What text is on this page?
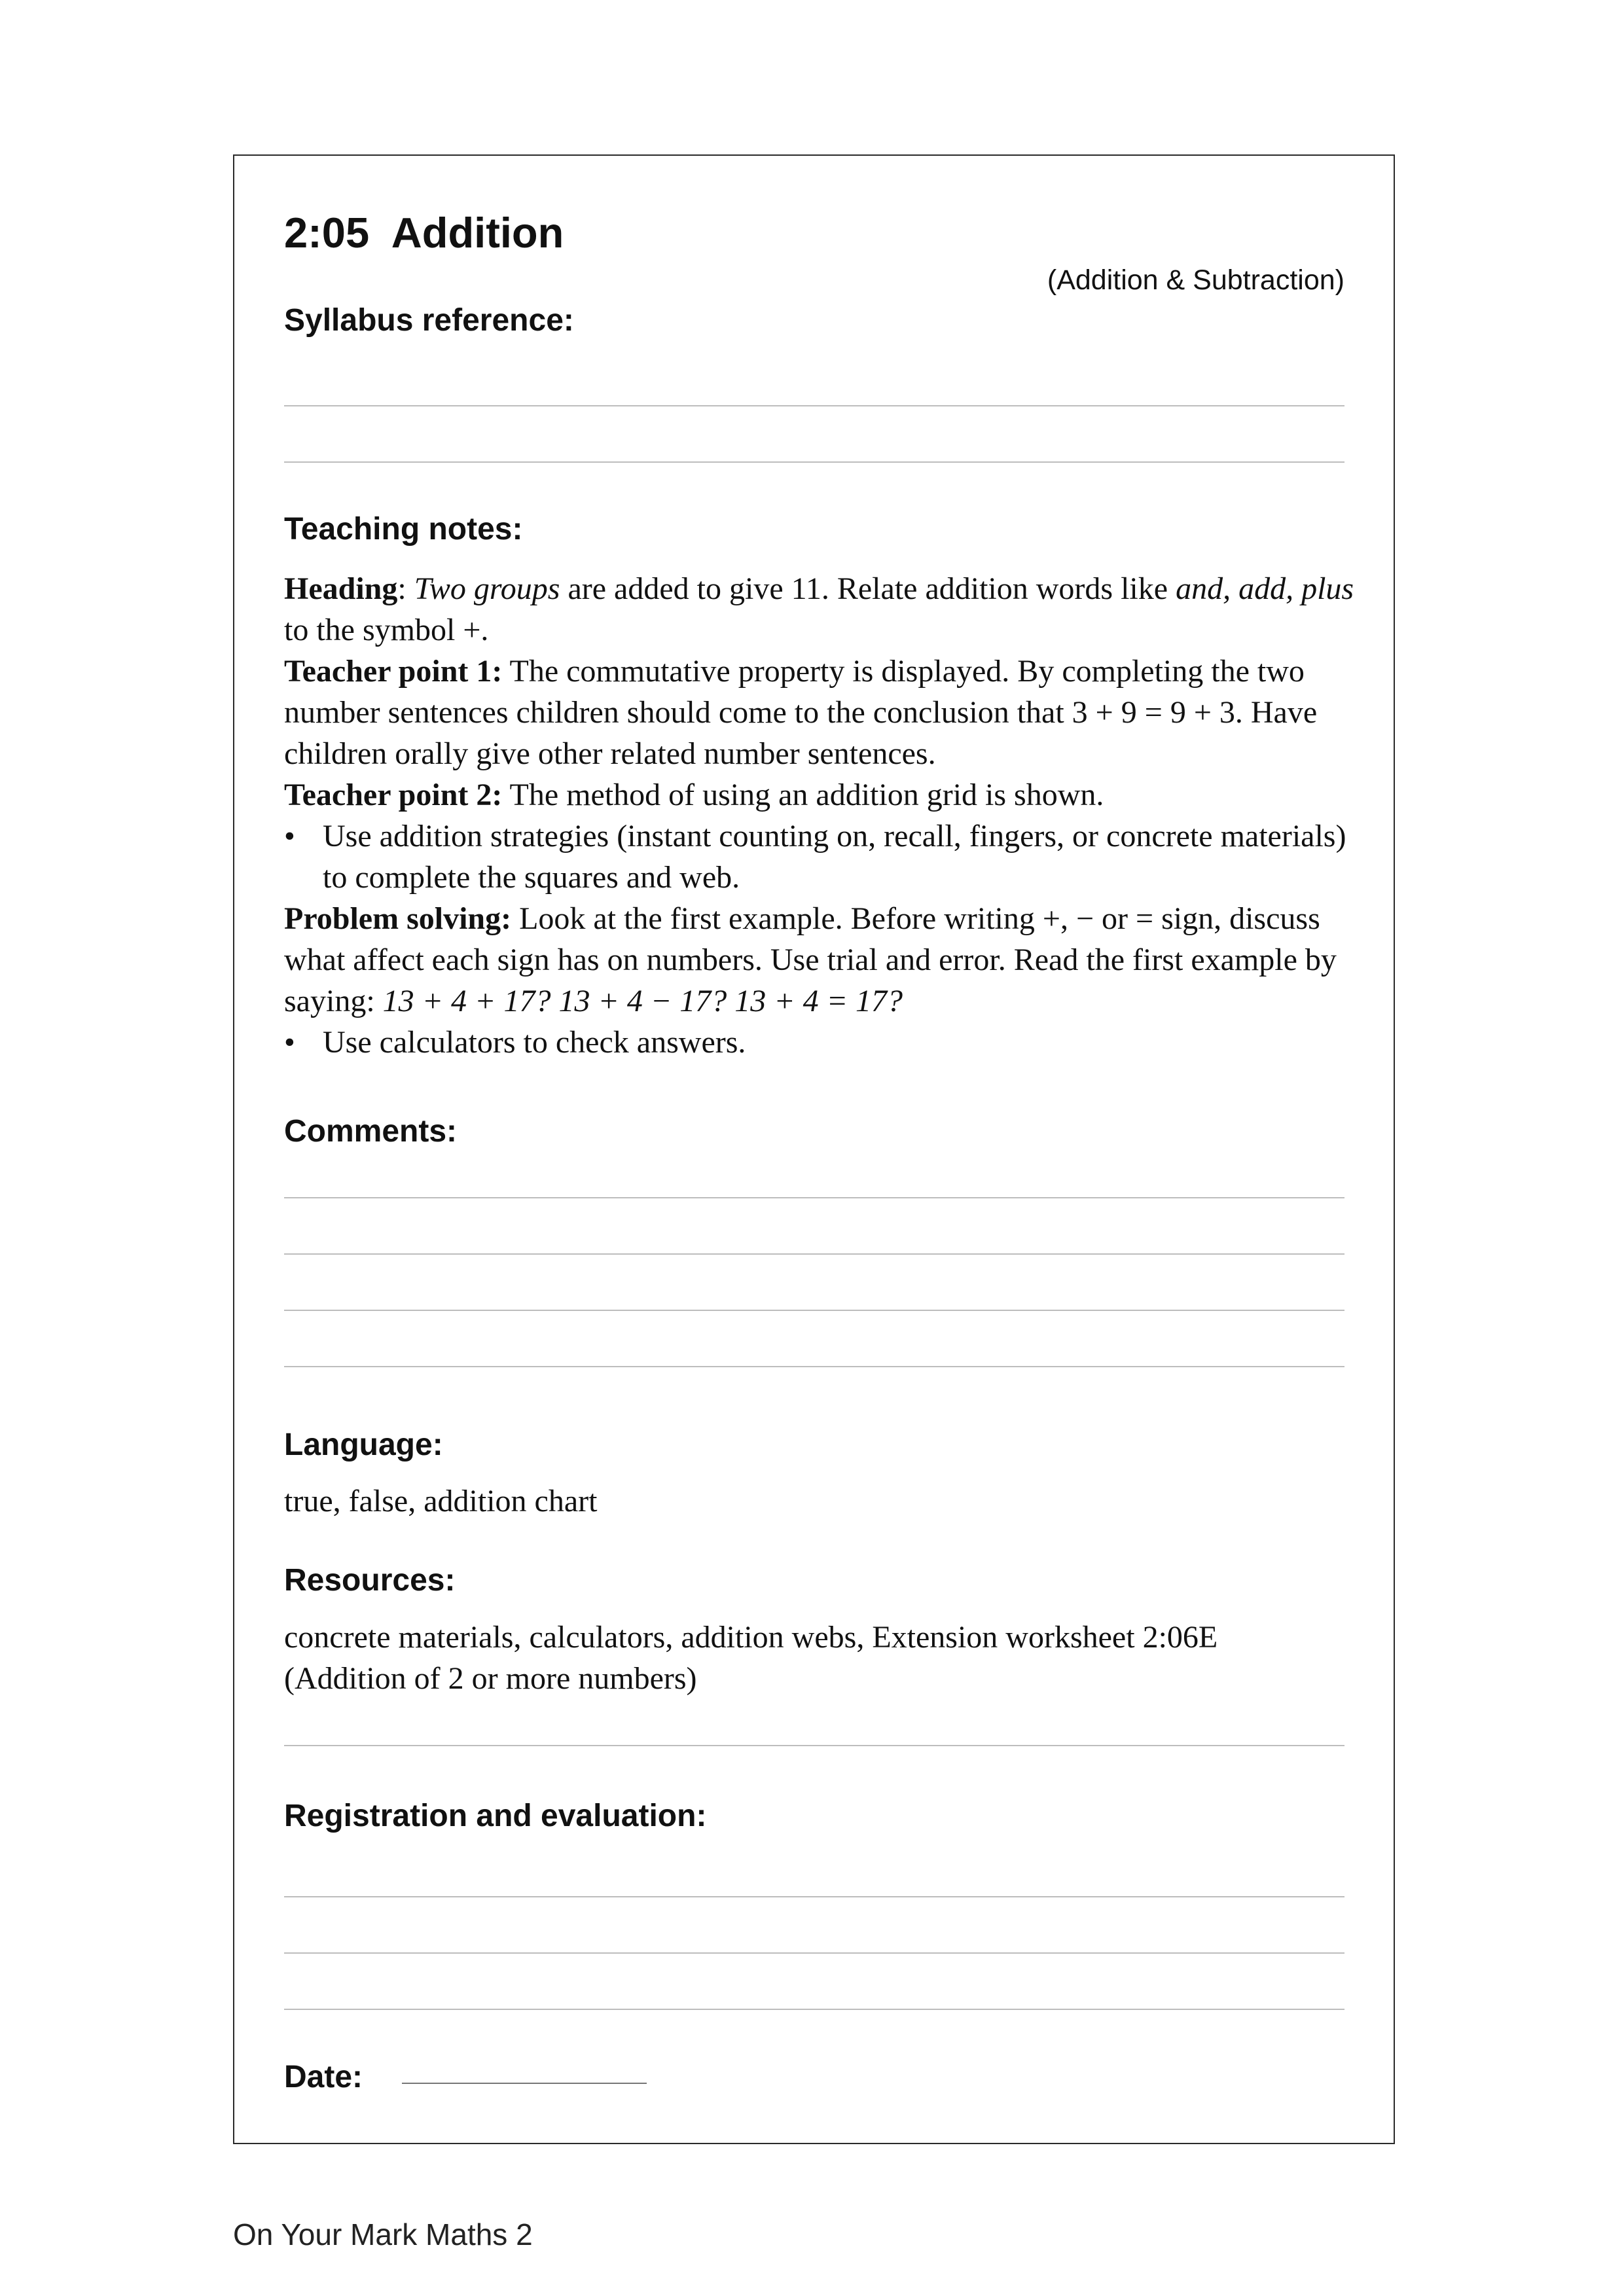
2:05  Addition
(Addition & Subtraction)
Syllabus reference:
Teaching notes:

Heading: Two groups are added to give 11. Relate addition words like and, add, plus to the symbol +.

Teacher point 1: The commutative property is displayed. By completing the two number sentences children should come to the conclusion that 3 + 9 = 9 + 3. Have children orally give other related number sentences.

Teacher point 2: The method of using an addition grid is shown.

• Use addition strategies (instant counting on, recall, fingers, or concrete materials) to complete the squares and web.

Problem solving: Look at the first example. Before writing +, − or = sign, discuss what affect each sign has on numbers. Use trial and error. Read the first example by saying: 13 + 4 + 17? 13 + 4 − 17? 13 + 4 = 17?

• Use calculators to check answers.

Comments:
Language:
true, false, addition chart
Resources:

concrete materials, calculators, addition webs, Extension worksheet 2:06E

(Addition of 2 or more numbers)

Registration and evaluation:
Date:
On Your Mark Maths 2
